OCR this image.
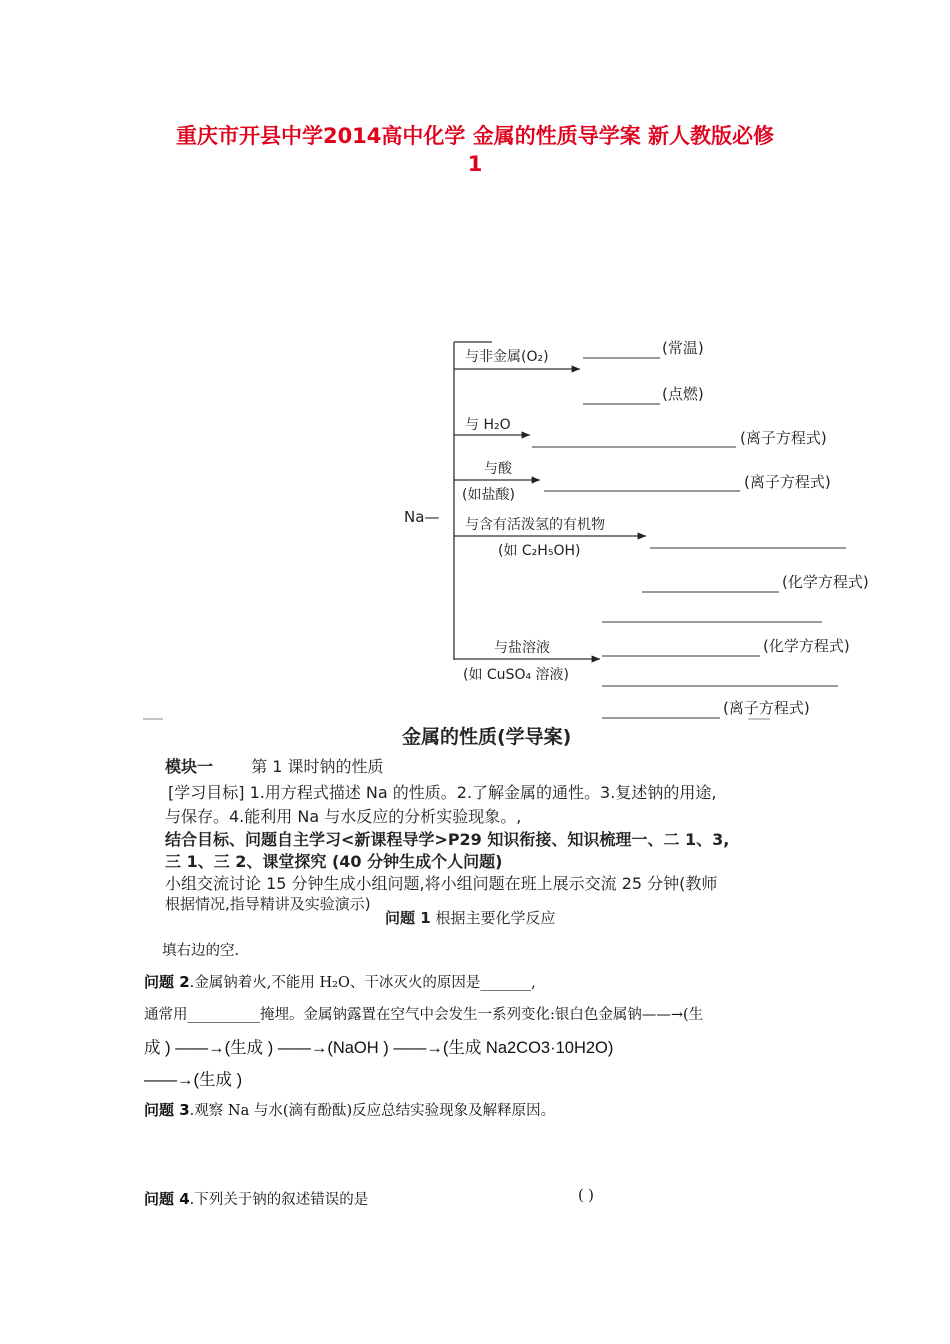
重庆市开县中学2014高中化学 金属的性质导学案 新人教版必修
1
Na—
与非金属(O₂)	(常温)
(点燃)
与 H₂O
(离子方程式)
与酸
(如盐酸)
(离子方程式)
与含有活泼氢的有机物
(如 C₂H₅OH)
(化学方程式)
与盐溶液	(化学方程式)
(如 CuSO₄ 溶液)
(离子方程式)
金属的性质(学导案)
模块一 第 1 课时钠的性质
[学习目标] 1.用方程式描述 Na 的性质。2.了解金属的通性。3.复述钠的用途,
与保存。4.能利用 Na 与水反应的分析实验现象。,
结合目标、问题自主学习<新课程导学>P29 知识衔接、知识梳理一、二 1、3,
三 1、三 2、课堂探究 (40 分钟生成个人问题)
小组交流讨论 15 分钟生成小组问题,将小组问题在班上展示交流 25 分钟(教师
根据情况,指导精讲及实验演示)
问题 1 根据主要化学反应
填右边的空.
问题 2.金属钠着火,不能用 H₂O、干冰灭火的原因是_______,
通常用__________掩埋。金属钠露置在空气中会发生一系列变化:银白色金属钠——→(生
成 ) ——→(生成 ) ——→(NaOH ) ——→(生成 Na2CO3·10H2O)
——→(生成 )
问题 3.观察 Na 与水(滴有酚酞)反应总结实验现象及解释原因。
问题 4.下列关于钠的叙述错误的是	( )
